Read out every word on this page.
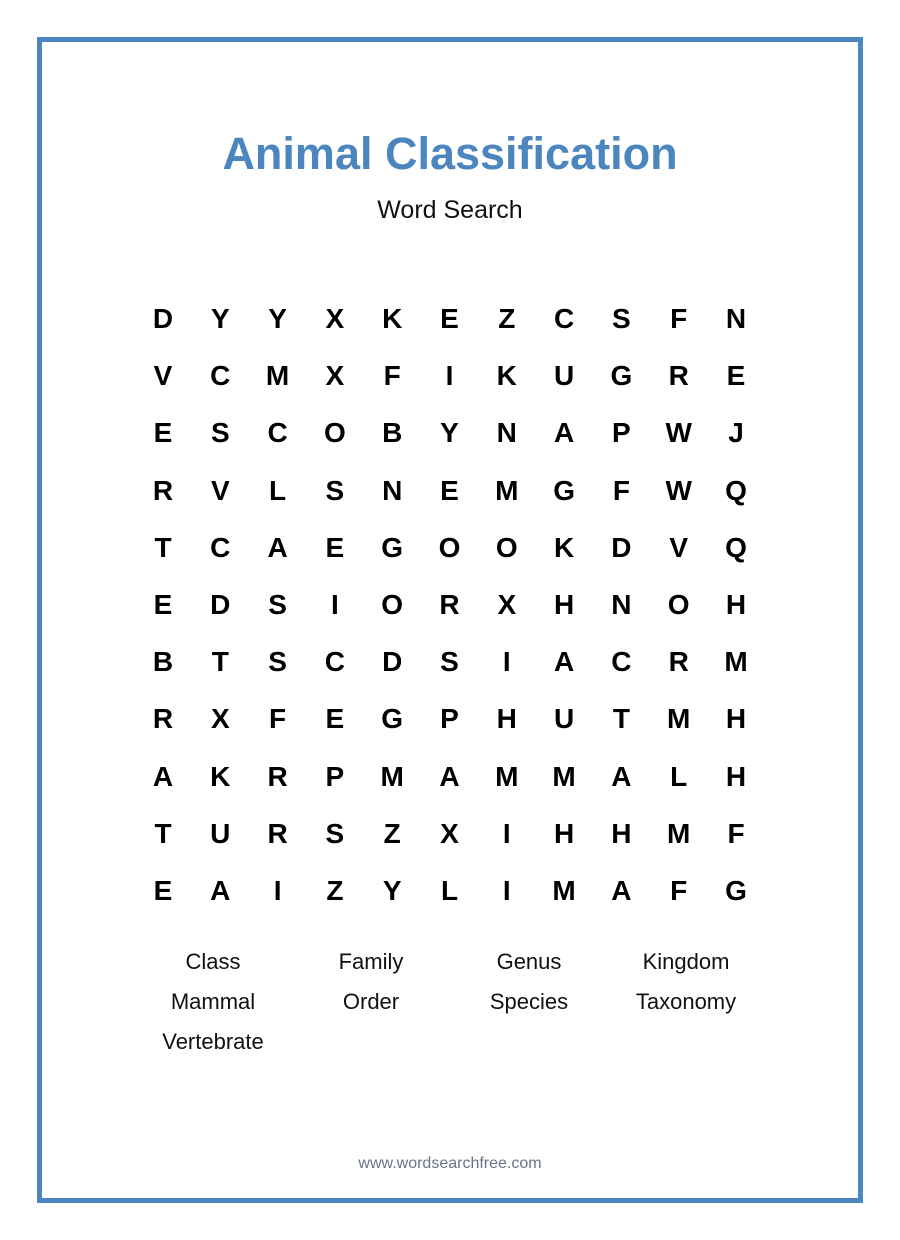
Animal Classification
Word Search
D	Y	Y	X	K	E	Z	C	S	F	N
V	C	M	X	F	I	K	U	G	R	E
E	S	C	O	B	Y	N	A	P	W	J
R	V	L	S	N	E	M	G	F	W	Q
T	C	A	E	G	O	O	K	D	V	Q
E	D	S	I	O	R	X	H	N	O	H
B	T	S	C	D	S	I	A	C	R	M
R	X	F	E	G	P	H	U	T	M	H
A	K	R	P	M	A	M	M	A	L	H
T	U	R	S	Z	X	I	H	H	M	F
E	A	I	Z	Y	L	I	M	A	F	G
Class	Family	Genus	Kingdom
Mammal	Order	Species	Taxonomy
Vertebrate
www.wordsearchfree.com
